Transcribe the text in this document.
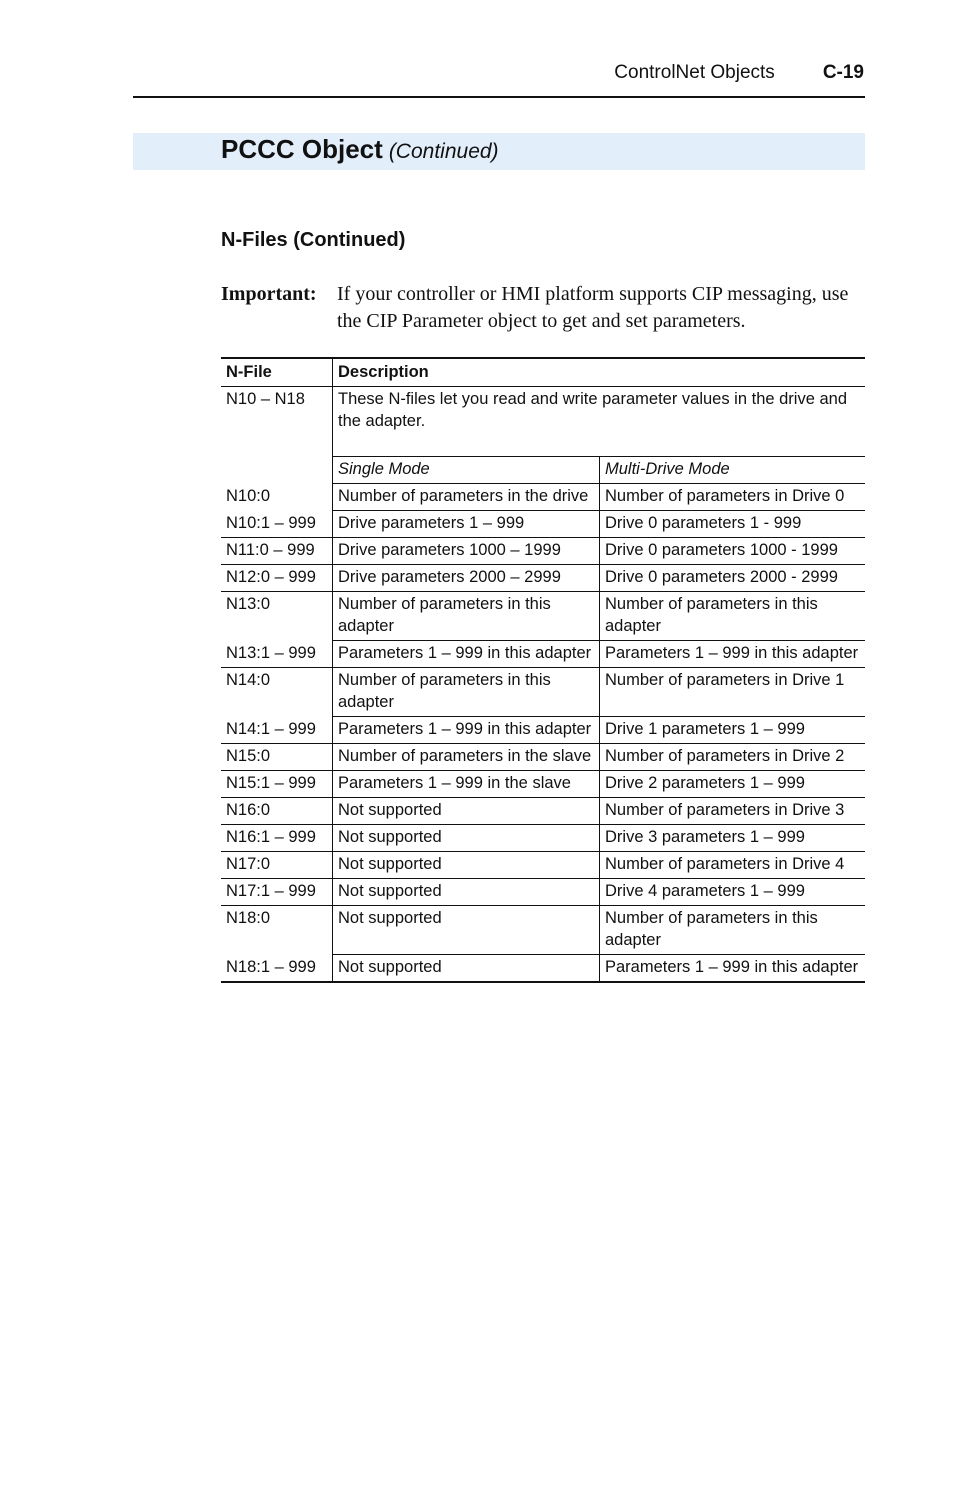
ControlNet Objects	C-19
PCCC Object (Continued)
N-Files (Continued)
Important: If your controller or HMI platform supports CIP messaging, use the CIP Parameter object to get and set parameters.
N-File	Description	
N10 – N18	These N-files let you read and write parameter values in the drive and the adapter.	
	Single Mode	Multi-Drive Mode
N10:0	Number of parameters in the drive	Number of parameters in Drive 0
N10:1 – 999	Drive parameters 1 – 999	Drive 0 parameters 1 - 999
N11:0 – 999	Drive parameters 1000 – 1999	Drive 0 parameters 1000 - 1999
N12:0 – 999	Drive parameters 2000 – 2999	Drive 0 parameters 2000 - 2999
N13:0	Number of parameters in this adapter	Number of parameters in this adapter
N13:1 – 999	Parameters 1 – 999 in this adapter	Parameters 1 – 999 in this adapter
N14:0	Number of parameters in this adapter	Number of parameters in Drive 1
N14:1 – 999	Parameters 1 – 999 in this adapter	Drive 1 parameters 1 – 999
N15:0	Number of parameters in the slave	Number of parameters in Drive 2
N15:1 – 999	Parameters 1 – 999 in the slave	Drive 2 parameters 1 – 999
N16:0	Not supported	Number of parameters in Drive 3
N16:1 – 999	Not supported	Drive 3 parameters 1 – 999
N17:0	Not supported	Number of parameters in Drive 4
N17:1 – 999	Not supported	Drive 4 parameters 1 – 999
N18:0	Not supported	Number of parameters in this adapter
N18:1 – 999	Not supported	Parameters 1 – 999 in this adapter
